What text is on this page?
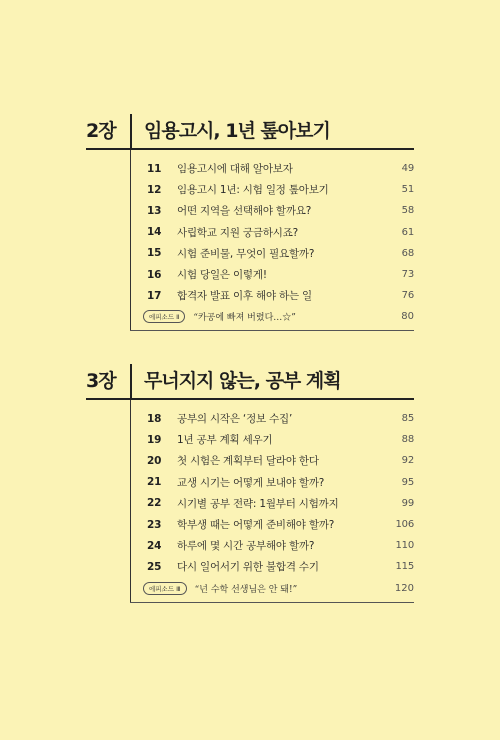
2장	임용고시, 1년 톺아보기
11	임용고시에 대해 알아보자	49
12	임용고시 1년: 시험 일정 톺아보기	51
13	어떤 지역을 선택해야 할까요?	58
14	사립학교 지원 궁금하시죠?	61
15	시험 준비물, 무엇이 필요할까?	68
16	시험 당일은 이렇게!	73
17	합격자 발표 이후 해야 하는 일	76
에피소드 Ⅱ	“카공에 빠져 버렸다…☆”	80
3장	무너지지 않는, 공부 계획
18	공부의 시작은 ‘정보 수집’	85
19	1년 공부 계획 세우기	88
20	첫 시험은 계획부터 달라야 한다	92
21	교생 시기는 어떻게 보내야 할까?	95
22	시기별 공부 전략: 1월부터 시험까지	99
23	학부생 때는 어떻게 준비해야 할까?	106
24	하루에 몇 시간 공부해야 할까?	110
25	다시 일어서기 위한 불합격 수기	115
에피소드 Ⅲ	“넌 수학 선생님은 안 돼!”	120
